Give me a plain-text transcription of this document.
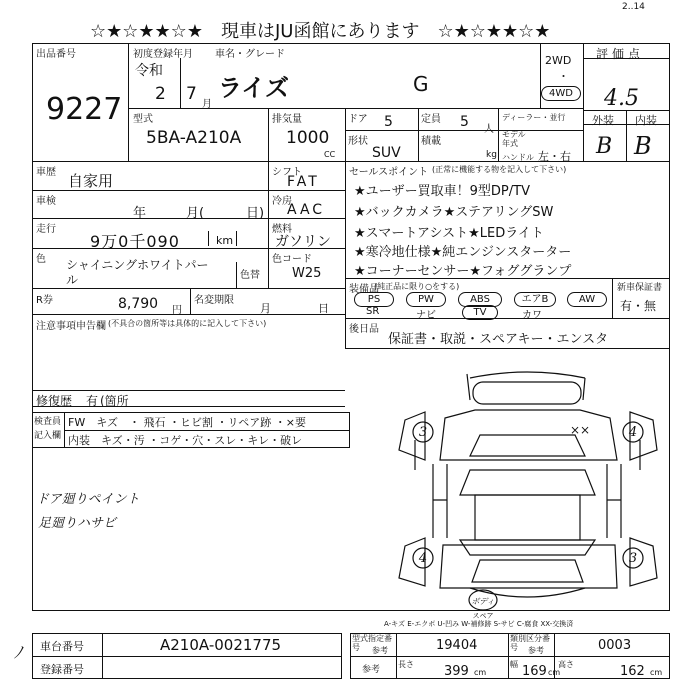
☆★☆★★☆★　現車はJU函館にあります　☆★☆★★☆★
2..14
出品番号
9227
初度登録年月
令和
2 7
月
車名・グレード
ライズ	G
2WD
・
4WD
評価点
4.5
外装 内装
B B
型式
5BA-A210A
排気量
1000
CC
ドア 5	定員 5 人
ディーラー・並行
形状
SUV
積載
kg
モデル年式
ハンドル 左・右
車歴 自家用	シフト
FAT
車検
年	月(	日)
冷房
AAC
走行
9万0千090	km
燃料
ガソリン
色 シャイニングホワイトパール	色替
色コード
W25
R券	8,790 円
名変期限
月	日
注意事項申告欄 (不具合の箇所等は具体的に記入して下さい)
修復歴 有 (箇所
セールスポイント (正常に機能する物を記入して下さい)
★ユーザー買取車！9型DP/TV
★バックカメラ★ステアリングSW
★スマートアシスト★LEDライト
★寒冷地仕様★純エンジンスターター
★コーナーセンサー★フォググランプ
装備品
(純正品に限り○をする)	新車保証書
有・無
PS	PW	ABS	エアB	AW
SR	ナビ	TV	カワ
後日品
保証書・取説・スペアキー・エンスタ
検査員記入欄
FW　キズ　・ 飛石 ・ヒビ割 ・リペア跡 ・×要
内装　キズ・汚 ・コゲ・穴・スレ・キレ・破レ
ドア廻りペイント
足廻りハサビ
3	4
4	3
××
ボディ
スペア
A-キズ E-エクボ U-凹み W-補修跡 S-サビ C-腐食 XX-交換済
車台番号	A210A-0021775
登録番号
ﾉ
型式指定番号	参考	19404	類別区分番号	参考	0003
参考
長さ 399 cm
幅 169 cm
高さ	162 cm
